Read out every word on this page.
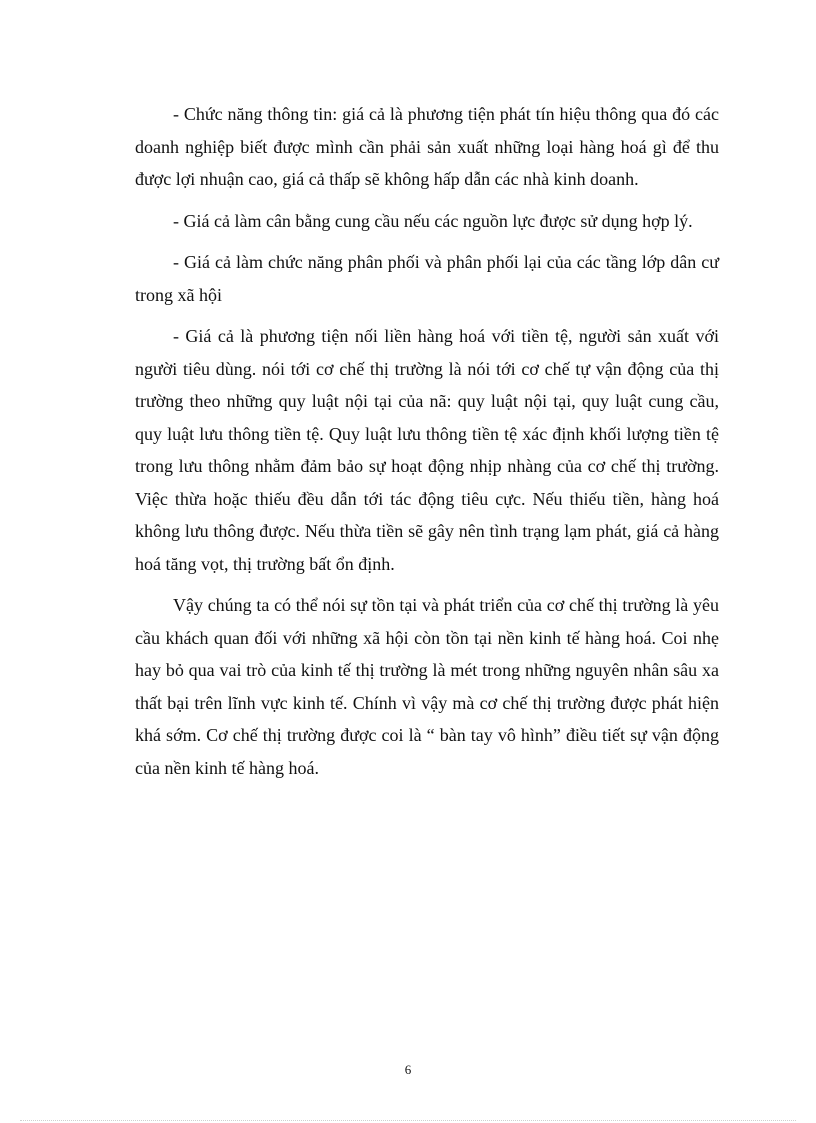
- Chức năng thông tin: giá cả là phương tiện phát tín hiệu thông qua đó các doanh nghiệp biết được mình cần phải sản xuất những loại hàng hoá gì để thu được lợi nhuận cao, giá cả thấp sẽ không hấp dẫn các nhà kinh doanh.

- Giá cả làm cân bằng cung cầu nếu các nguồn lực được sử dụng hợp lý.

- Giá cả làm chức năng phân phối và phân phối lại của các tầng lớp dân cư trong xã hội

- Giá cả là phương tiện nối liền hàng hoá với tiền tệ, người sản xuất với người tiêu dùng. nói tới cơ chế thị trường là nói tới cơ chế tự vận động của thị trường theo những quy luật nội tại của nã: quy luật nội tại, quy luật cung cầu, quy luật lưu thông tiền tệ. Quy luật lưu thông tiền tệ xác định khối lượng tiền tệ trong lưu thông nhằm đảm bảo sự hoạt động nhịp nhàng của cơ chế thị trường. Việc thừa hoặc thiếu đều dẫn tới tác động tiêu cực. Nếu thiếu tiền, hàng hoá không lưu thông được. Nếu thừa tiền sẽ gây nên tình trạng lạm phát, giá cả hàng hoá tăng vọt, thị trường bất ổn định.

Vậy chúng ta có thể nói sự tồn tại và phát triển của cơ chế thị trường là yêu cầu khách quan đối với những xã hội còn tồn tại nền kinh tế hàng hoá. Coi nhẹ hay bỏ qua vai trò của kinh tế thị trường là mét trong những nguyên nhân sâu xa thất bại trên lĩnh vực kinh tế. Chính vì vậy mà cơ chế thị trường được phát hiện khá sớm. Cơ chế thị trường được coi là “ bàn tay vô hình” điều tiết sự vận động của nền kinh tế hàng hoá.

6
